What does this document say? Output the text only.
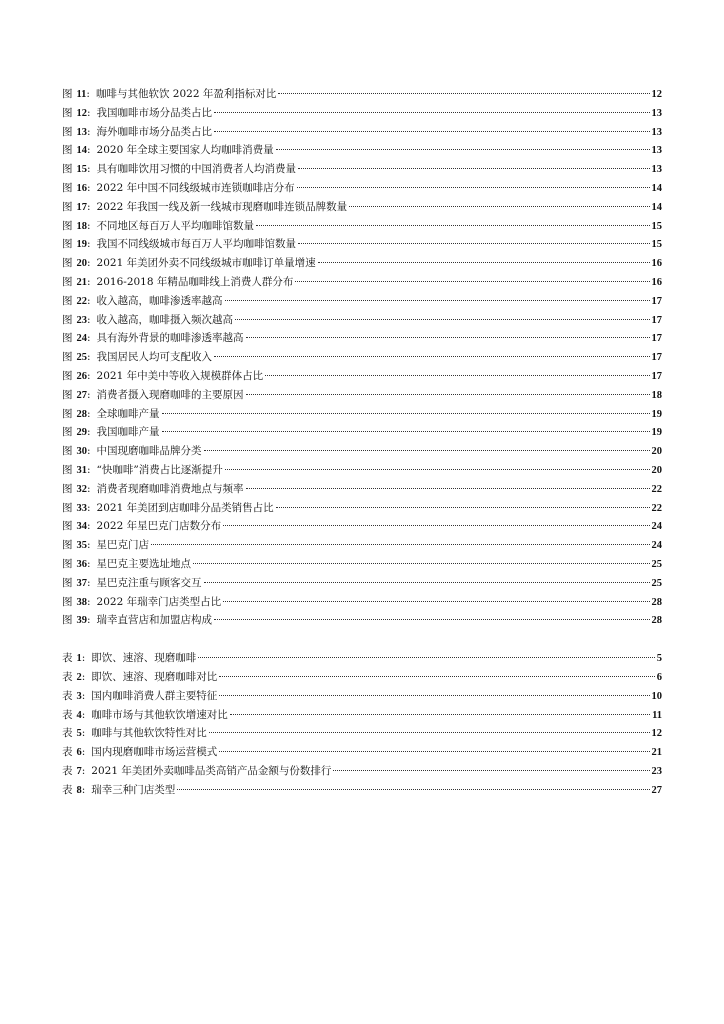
图 11 : 咖啡与其他软饮 2022 年盈利指标对比	12
图 12 : 我国咖啡市场分品类占比	13
图 13 : 海外咖啡市场分品类占比	13
图 14 : 2020 年全球主要国家人均咖啡消费量	13
图 15 : 具有咖啡饮用习惯的中国消费者人均消费量	13
图 16 : 2022 年中国不同线级城市连锁咖啡店分布	14
图 17 : 2022 年我国一线及新一线城市现磨咖啡连锁品牌数量	14
图 18 : 不同地区每百万人平均咖啡馆数量	15
图 19 : 我国不同线级城市每百万人平均咖啡馆数量	15
图 20 : 2021 年美团外卖不同线级城市咖啡订单量增速	16
图 21 : 2016-2018 年精品咖啡线上消费人群分布	16
图 22 : 收入越高，咖啡渗透率越高	17
图 23 : 收入越高，咖啡摄入频次越高	17
图 24 : 具有海外背景的咖啡渗透率越高	17
图 25 : 我国居民人均可支配收入	17
图 26 : 2021 年中美中等收入规模群体占比	17
图 27 : 消费者摄入现磨咖啡的主要原因	18
图 28 : 全球咖啡产量	19
图 29 : 我国咖啡产量	19
图 30 : 中国现磨咖啡品牌分类	20
图 31 : “快咖啡”消费占比逐渐提升	20
图 32 : 消费者现磨咖啡消费地点与频率	22
图 33 : 2021 年美团到店咖啡分品类销售占比	22
图 34 : 2022 年星巴克门店数分布	24
图 35 : 星巴克门店	24
图 36 : 星巴克主要选址地点	25
图 37 : 星巴克注重与顾客交互	25
图 38 : 2022 年瑞幸门店类型占比	28
图 39 : 瑞幸直营店和加盟店构成	28
表 1 : 即饮、速溶、现磨咖啡	5
表 2 : 即饮、速溶、现磨咖啡对比	6
表 3 : 国内咖啡消费人群主要特征	10
表 4 : 咖啡市场与其他软饮增速对比	11
表 5 : 咖啡与其他软饮特性对比	12
表 6 : 国内现磨咖啡市场运营模式	21
表 7 : 2021 年美团外卖咖啡品类高销产品金额与份数排行	23
表 8 : 瑞幸三种门店类型	27
